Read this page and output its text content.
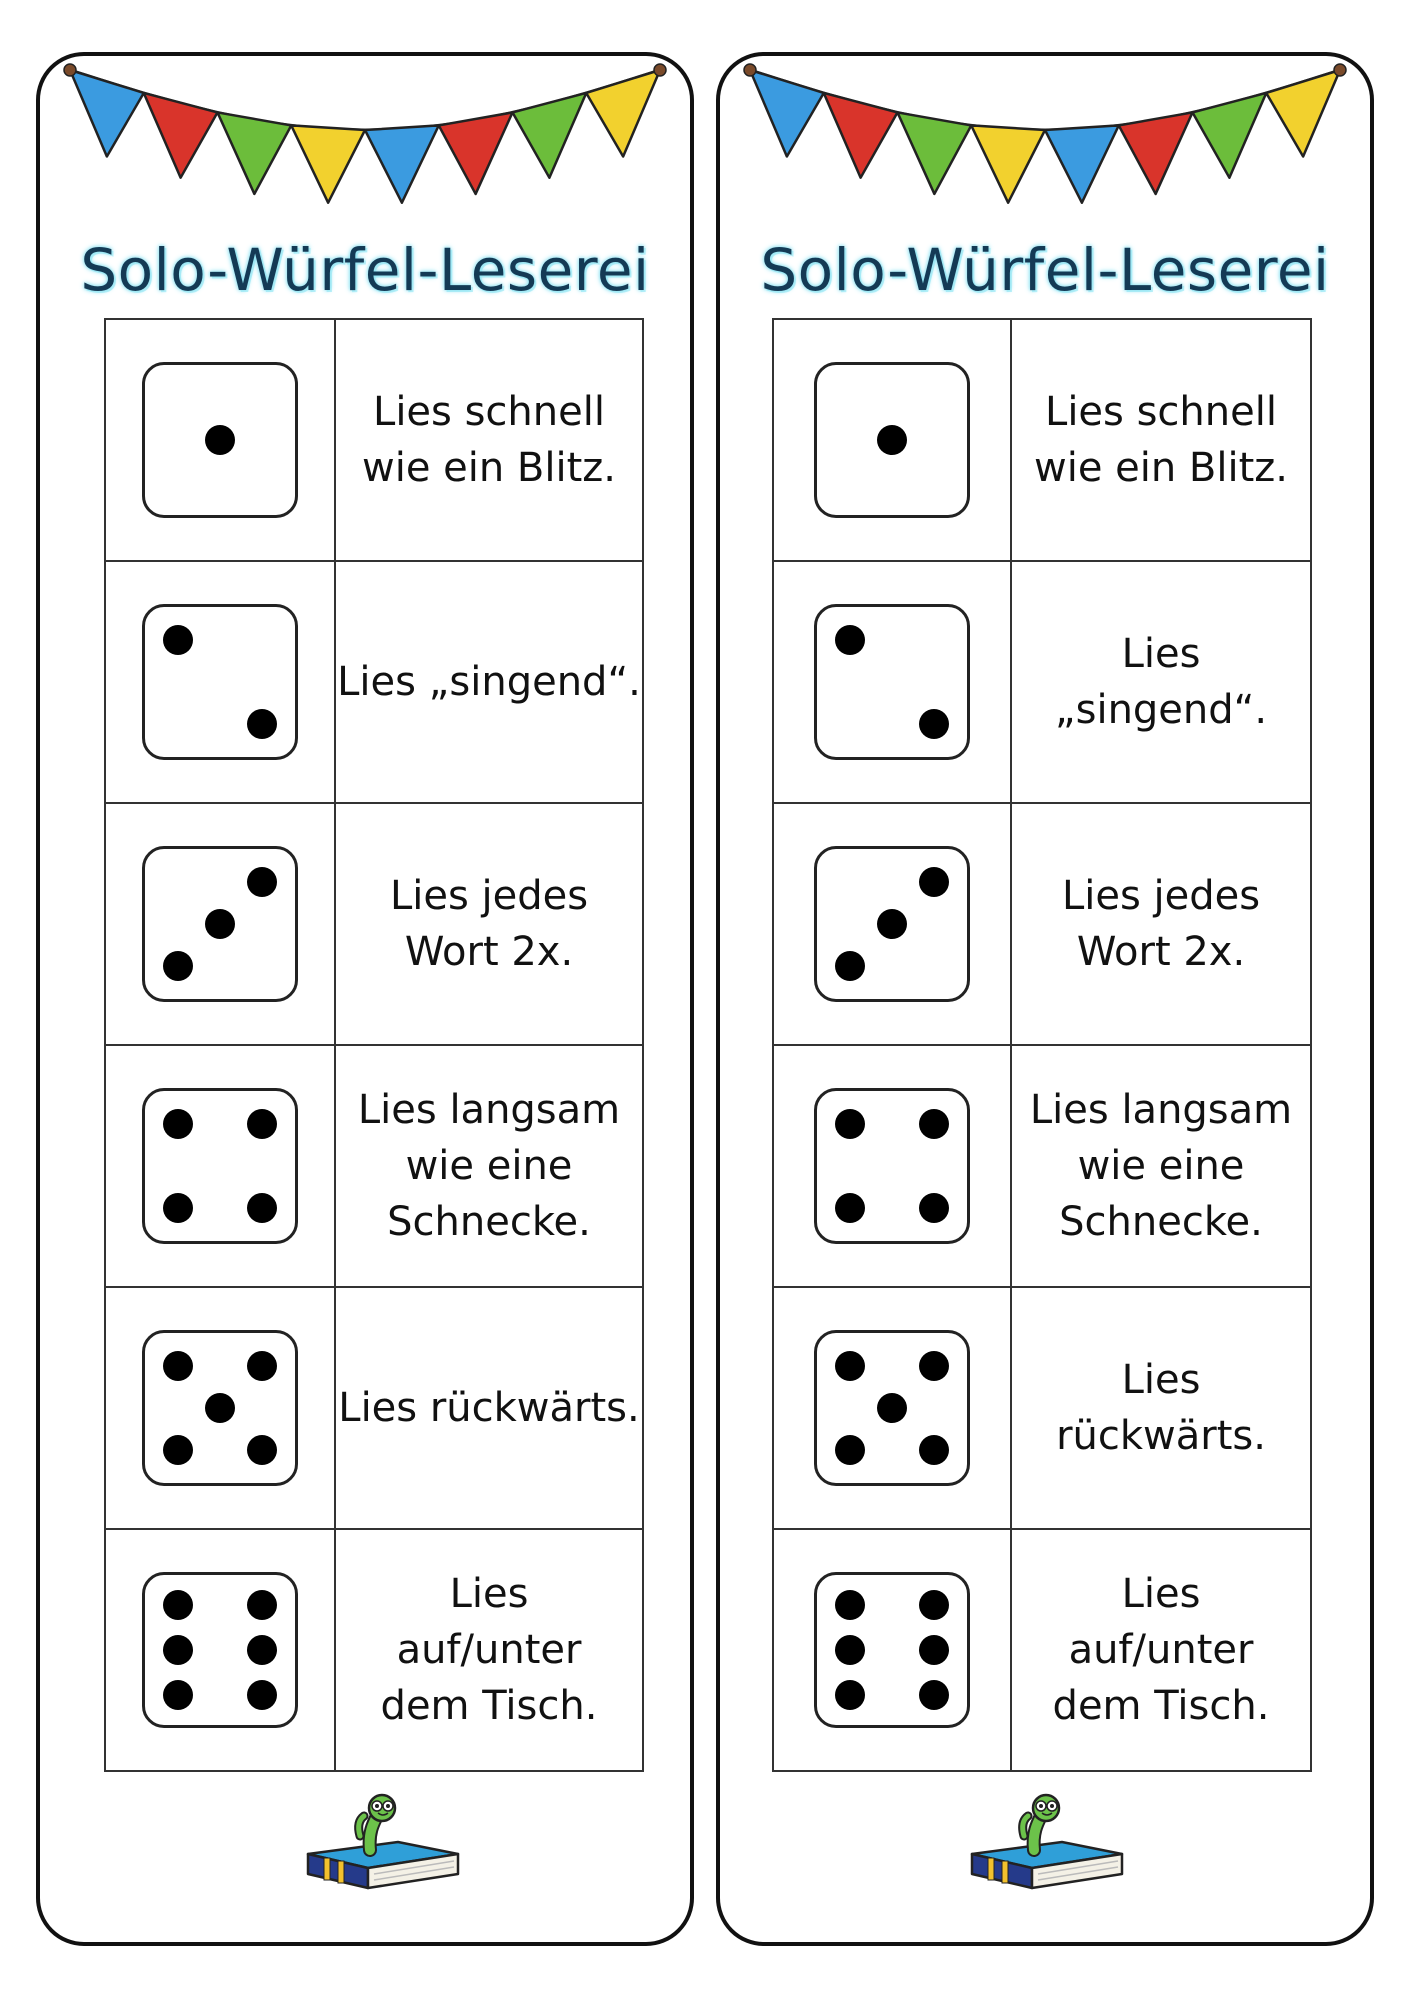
Solo-Würfel-Leserei

	Lies schnell
wie ein Blitz.

	Lies „singend“.

	Lies jedes
Wort 2x.

	Lies langsam
wie eine
Schnecke.

	Lies rückwärts.

	Lies
auf/unter
dem Tisch.
Solo-Würfel-Leserei

	Lies schnell
wie ein Blitz.

	Lies
„singend“.

	Lies jedes
Wort 2x.

	Lies langsam
wie eine
Schnecke.

	Lies
rückwärts.

	Lies
auf/unter
dem Tisch.
